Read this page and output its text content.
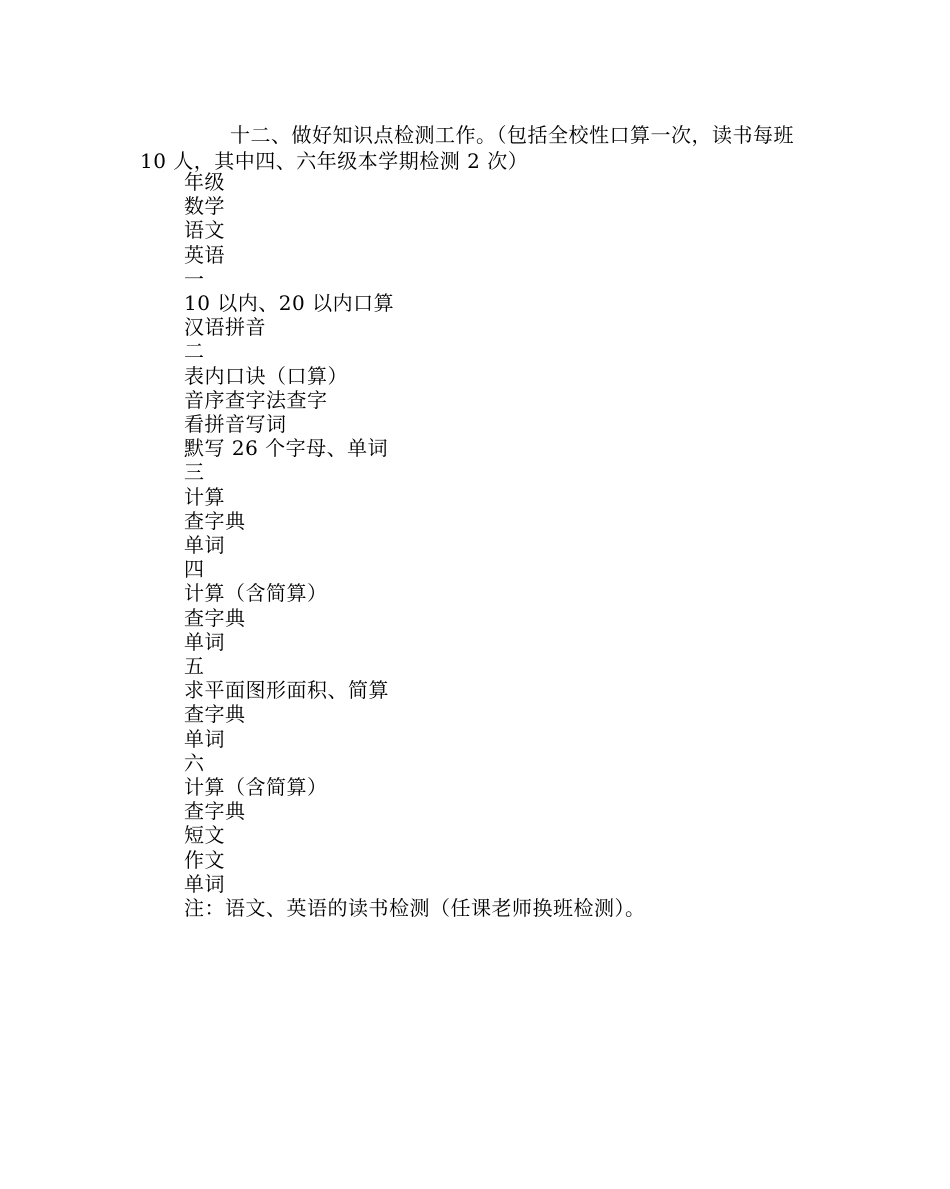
十二、做好知识点检测工作。（包括全校性口算一次，读书每班 10 人，其中四、六年级本学期检测 2 次）

年级
数学
语文
英语
一
10 以内、20 以内口算
汉语拼音
二
表内口诀（口算）
音序查字法查字
看拼音写词
默写 26 个字母、单词
三
计算
查字典
单词
四
计算（含简算）
查字典
单词
五
求平面图形面积、简算
查字典
单词
六
计算（含简算）
查字典
短文
作文
单词
注：语文、英语的读书检测（任课老师换班检测）。
